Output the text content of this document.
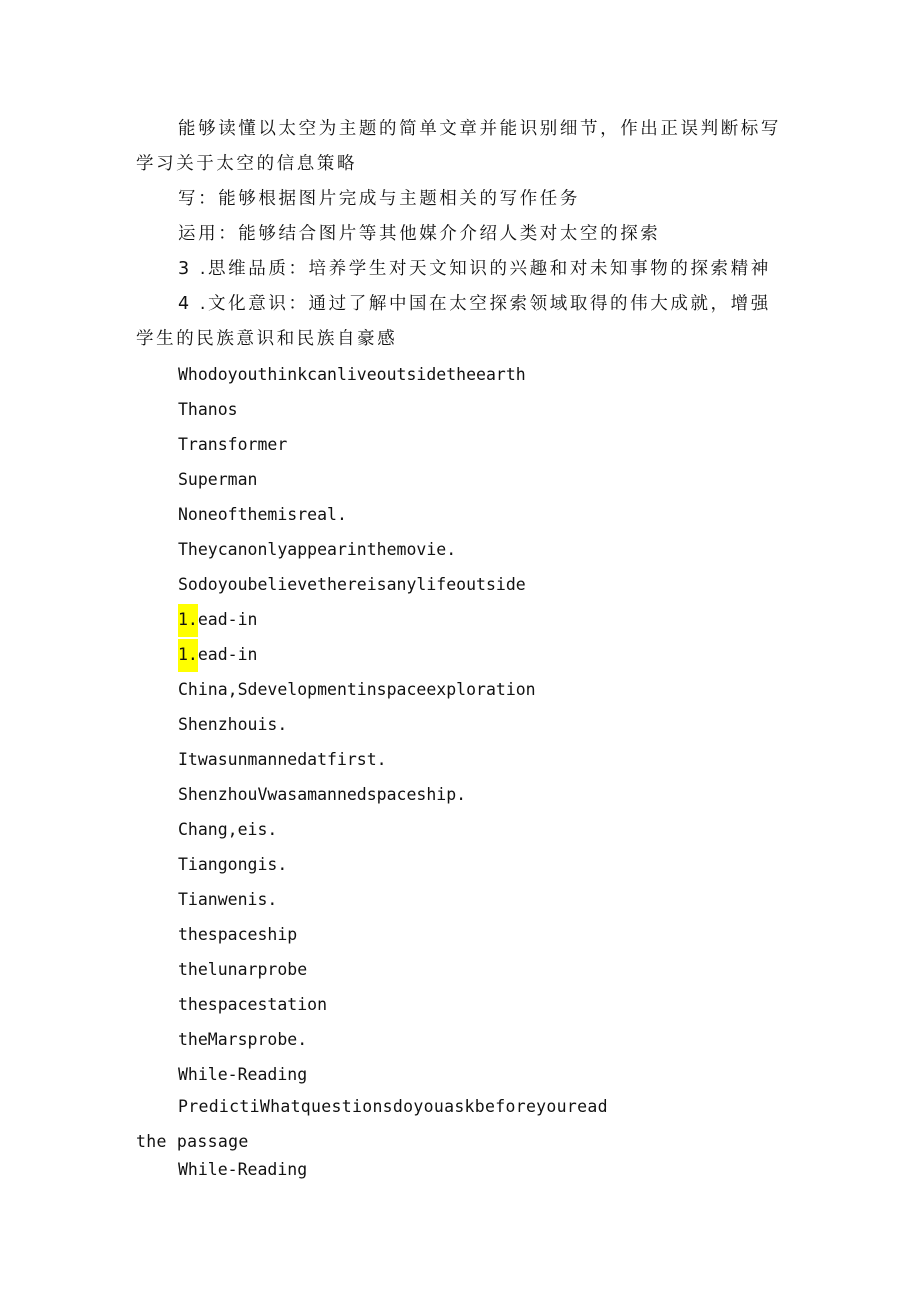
能够读懂以太空为主题的简单文章并能识别细节，作出正误判断标写学习关于太空的信息策略

写：能够根据图片完成与主题相关的写作任务

运用：能够结合图片等其他媒介介绍人类对太空的探索

3 .思维品质：培养学生对天文知识的兴趣和对未知事物的探索精神

4 .文化意识：通过了解中国在太空探索领域取得的伟大成就，增强学生的民族意识和民族自豪感

Whodoyouthinkcanliveoutsidetheearth
Thanos
Transformer
Superman
Noneofthemisreal.
Theycanonlyappearinthemovie.
Sodoyoubelievethereisanylifeoutside
1.ead-in
1.ead-in
China,Sdevelopmentinspaceexploration
Shenzhouis.
Itwasunmannedatfirst.
ShenzhouVwasamannedspaceship.
Chang,eis.
Tiangongis.
Tianwenis.
thespaceship
thelunarprobe
thespacestation
theMarsprobe.
While-Reading

PredictiWhatquestionsdoyouaskbeforeyoureadthe passage

While-Reading
